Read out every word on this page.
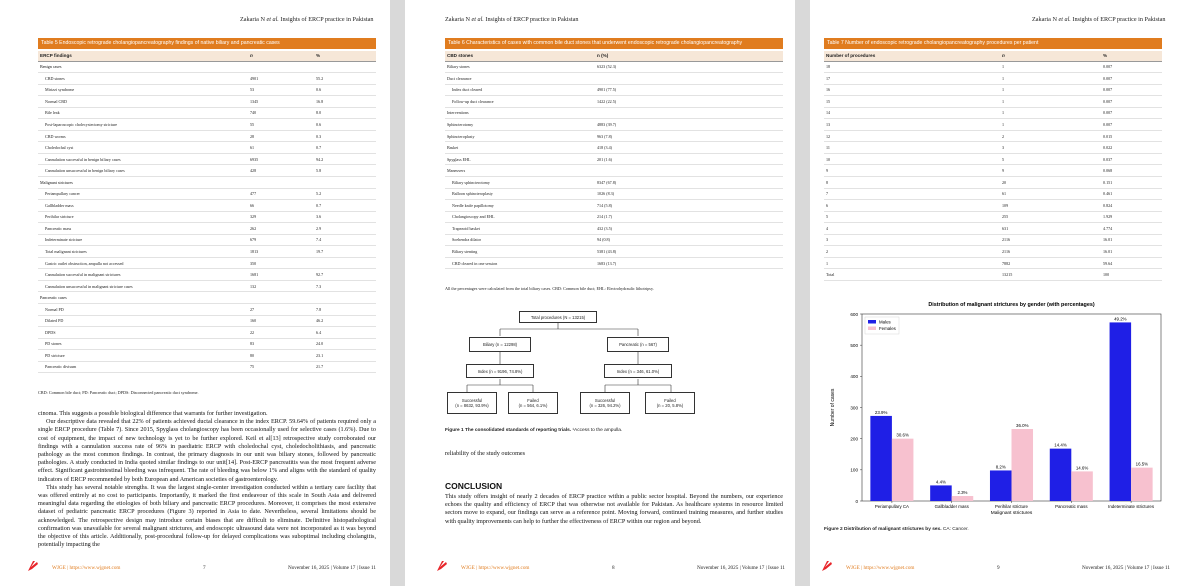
Zakaria N et al. Insights of ERCP practice in Pakistan
Table 5 Endoscopic retrograde cholangiopancreatography findings of native biliary and pancreatic cases
ERCP findings	n	%
Benign cases		
CBD stones	4901	55.2
Mirizzi syndrome	53	0.6
Normal CBD	1345	16.8
Bile leak	740	8.0
Post-laparoscopic cholecystectomy stricture	55	0.6
CBD worms	28	0.3
Choledochal cyst	61	0.7
Cannulation successful in benign biliary cases	6935	94.2
Cannulation unsuccessful in benign biliary cases	428	5.8
Malignant strictures		
Periampullary cancer	477	5.2
Gallbladder mass	66	0.7
Perihilar stricture	329	3.6
Pancreatic mass	262	2.9
Indeterminate stricture	679	7.4
Total malignant strictures	1813	19.7
Gastric outlet obstruction, ampulla not accessed	350	
Cannulation successful in malignant strictures	1681	92.7
Cannulation unsuccessful in malignant stricture cases	132	7.3
Pancreatic cases		
Normal PD	27	7.8
Dilated PD	160	46.2
DPDS	22	6.4
PD stones	83	24.0
PD stricture	80	23.1
Pancreatic divisum	75	21.7
CBD: Common bile duct; PD: Pancreatic duct; DPDS: Disconnected pancreatic duct syndrome.

cinoma. This suggests a possible biological difference that warrants for further investigation.

Our descriptive data revealed that 22% of patients achieved ductal clearance in the index ERCP. 59.64% of patients required only a single ERCP procedure (Table 7). Since 2015, Spyglass cholangioscopy has been occasionally used for selective cases (1.6%). Due to cost of equipment, the impact of new technology is yet to be further explored. Keil et al[13] retrospective study corroborated our findings with a cannulation success rate of 96% in paediatric ERCP with choledochal cyst, choledocholithiasis, and pancreatic pathology as the most common findings. In contrast, the primary diagnosis in our unit was biliary stones, followed by pancreatic pathologies. A study conducted in India quoted similar findings to our unit[14]. Post-ERCP pancreatitis was the most frequent adverse effect. Significant gastrointestinal bleeding was infrequent. The rate of bleeding was below 1% and aligns with the standard of quality indicators of ERCP recommended by both European and American societies of gastroenterology.

This study has several notable strengths. It was the largest single-center investigation conducted within a tertiary care facility that was offered entirely at no cost to participants. Importantly, it marked the first endeavour of this scale in South Asia and delivered meaningful data regarding the etiologies of both biliary and pancreatic ERCP procedures. Moreover, it comprises the most extensive dataset of pediatric pancreatic ERCP procedures (Figure 3) reported in Asia to date. Nevertheless, several limitations should be acknowledged. The retrospective design may introduce certain biases that are difficult to eliminate. Definitive histopathological confirmation was unavailable for several malignant strictures, and endoscopic ultrasound data were not incorporated as it was beyond the objective of this article. Additionally, post-procedural follow-up for delayed complications was suboptimal including cholangitis, potentially impacting the

WJGE | https://www.wjgnet.com	7	November 16, 2025 | Volume 17 | Issue 11
Zakaria N et al. Insights of ERCP practice in Pakistan
Table 6 Characteristics of cases with common bile duct stones that underwent endoscopic retrograde cholangiopancreatography
CBD stones	n (%)
Biliary stones	6323 (52.3)
Duct clearance	
Index duct cleared	4901 (77.5)
Follow-up duct clearance	1422 (22.5)
Interventions	
Sphincterotomy	4883 (39.7)
Sphincteroplasty	963 (7.8)
Basket	418 (3.4)
Spyglass EHL	201 (1.6)
Maneuvers	
Biliary sphincterotomy	8347 (67.8)
Balloon sphincteroplasty	1026 (8.3)
Needle knife papillotomy	714 (5.8)
Cholangioscopy and EHL	214 (1.7)
Trapezoid basket	432 (3.5)
Soehendra dilator	94 (0.8)
Biliary stenting	5381 (43.8)
CBD cleared in one session	1683 (13.7)
All the percentages were calculated from the total biliary cases. CBD: Common bile duct; EHL: Electrohydraulic lithotripsy.
Total procedures (N = 13215)
Biliary (n = 12298)	Pancreatic (n = 567)
Index (n = 9196, 74.8%)	Index (n = 346, 61.0%)
Successful
(n = 8632, 93.9%)
Failed
(n = 564, 6.1%)
Successful
(n = 326, 94.2%)
Failed
(n = 20, 5.8%)
Figure 1 The consolidated standards of reporting trials. ¹Access to the ampulla.
reliability of the study outcomes
CONCLUSION

This study offers insight of nearly 2 decades of ERCP practice within a public sector hospital. Beyond the numbers, our experience echoes the quality and efficiency of ERCP that was otherwise not available for Pakistan. As healthcare systems in resource limited sectors move to expand, our findings can serve as a reference point. Moving forward, continued training measures, and further studies with quality improvements can help to further the effectiveness of ERCP within our region and beyond.

WJGE | https://www.wjgnet.com	8	November 16, 2025 | Volume 17 | Issue 11
Zakaria N et al. Insights of ERCP practice in Pakistan
Table 7 Number of endoscopic retrograde cholangiopancreatography procedures per patient
Number of procedures	n	%
18	1	0.007
17	1	0.007
16	1	0.007
15	1	0.007
14	1	0.007
13	1	0.007
12	2	0.015
11	3	0.022
10	5	0.037
9	9	0.068
8	20	0.151
7	61	0.461
6	109	0.824
5	255	1.929
4	631	4.774
3	2116	16.01
2	2116	16.01
1	7882	59.64
Total	13215	100
Distribution of malignant strictures by gender (with percentages)
0
100
200
300
400
500
600
Number of cases	23.9%
30.6%
Periampullary CA
4.4%
2.3%
Gallbladder mass
8.2%
36.0%
Perihilar stricture
14.4%
14.6%
Pancreatic mass
49.2%
16.5%
Indeterminate strictures
Malignant strictures
Males
Females
Figure 2 Distribution of malignant strictures by sex. CA: Cancer.
WJGE | https://www.wjgnet.com	9	November 16, 2025 | Volume 17 | Issue 11
